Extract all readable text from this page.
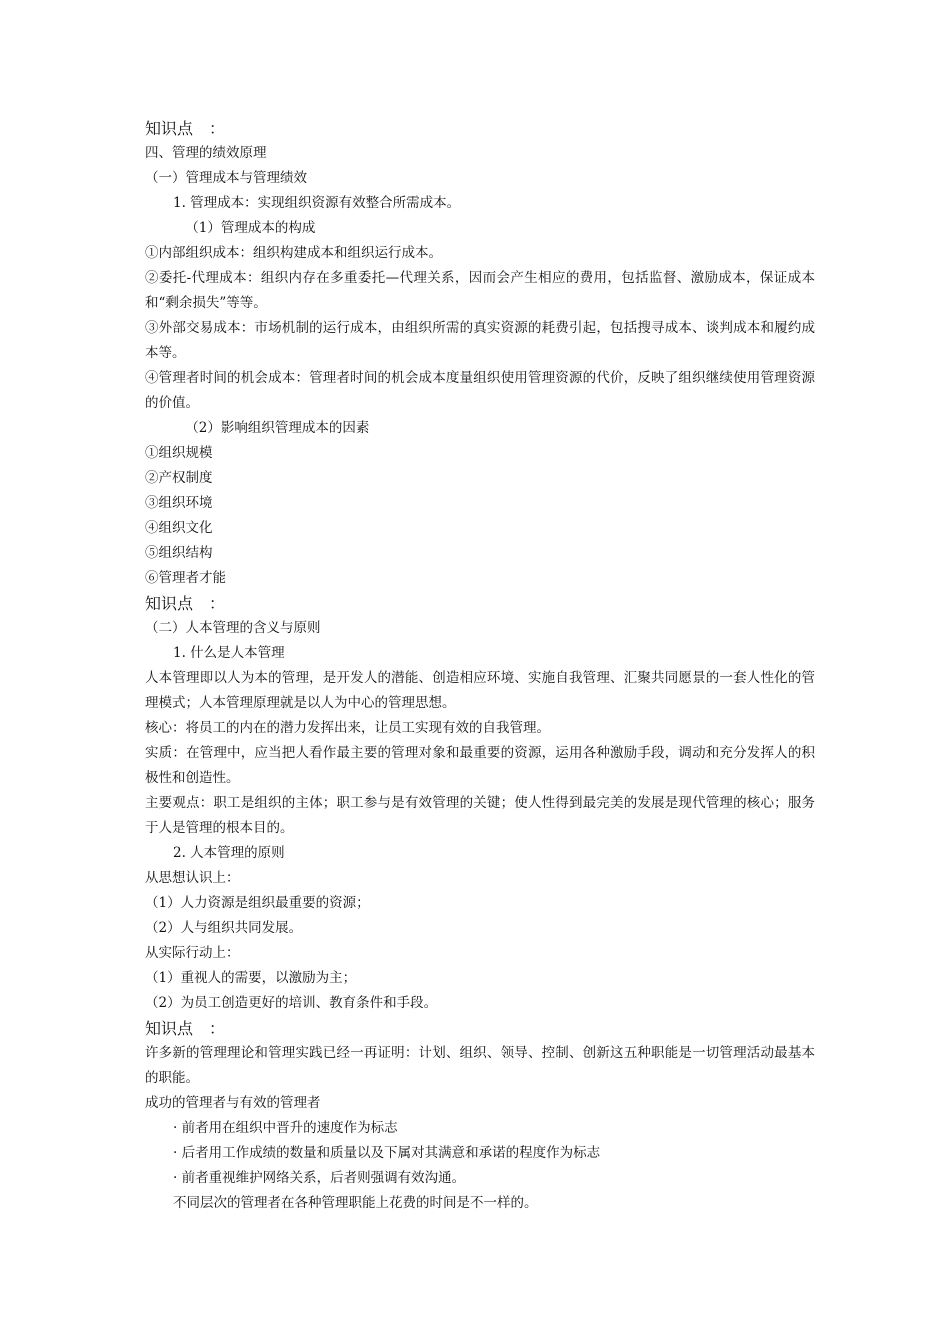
知识点　：
四、管理的绩效原理
（一）管理成本与管理绩效
1. 管理成本：实现组织资源有效整合所需成本。
　　（1）管理成本的构成
①内部组织成本：组织构建成本和组织运行成本。
②委托-代理成本：组织内存在多重委托—代理关系，因而会产生相应的费用，包括监督、激励成本，保证成本和“剩余损失”等等。
③外部交易成本：市场机制的运行成本，由组织所需的真实资源的耗费引起，包括搜寻成本、谈判成本和履约成本等。
④管理者时间的机会成本：管理者时间的机会成本度量组织使用管理资源的代价，反映了组织继续使用管理资源的价值。
　　（2）影响组织管理成本的因素
①组织规模
②产权制度
③组织环境
④组织文化
⑤组织结构
⑥管理者才能
知识点　：
（二）人本管理的含义与原则
1. 什么是人本管理
人本管理即以人为本的管理，是开发人的潜能、创造相应环境、实施自我管理、汇聚共同愿景的一套人性化的管理模式；人本管理原理就是以人为中心的管理思想。
核心：将员工的内在的潜力发挥出来，让员工实现有效的自我管理。
实质：在管理中，应当把人看作最主要的管理对象和最重要的资源，运用各种激励手段，调动和充分发挥人的积极性和创造性。
主要观点：职工是组织的主体；职工参与是有效管理的关键；使人性得到最完美的发展是现代管理的核心；服务于人是管理的根本目的。
2. 人本管理的原则
从思想认识上：
（1）人力资源是组织最重要的资源；
（2）人与组织共同发展。
从实际行动上：
（1）重视人的需要，以激励为主；
（2）为员工创造更好的培训、教育条件和手段。
知识点　：
许多新的管理理论和管理实践已经一再证明：计划、组织、领导、控制、创新这五种职能是一切管理活动最基本的职能。
成功的管理者与有效的管理者
· 前者用在组织中晋升的速度作为标志
· 后者用工作成绩的数量和质量以及下属对其满意和承诺的程度作为标志
· 前者重视维护网络关系，后者则强调有效沟通。
不同层次的管理者在各种管理职能上花费的时间是不一样的。
